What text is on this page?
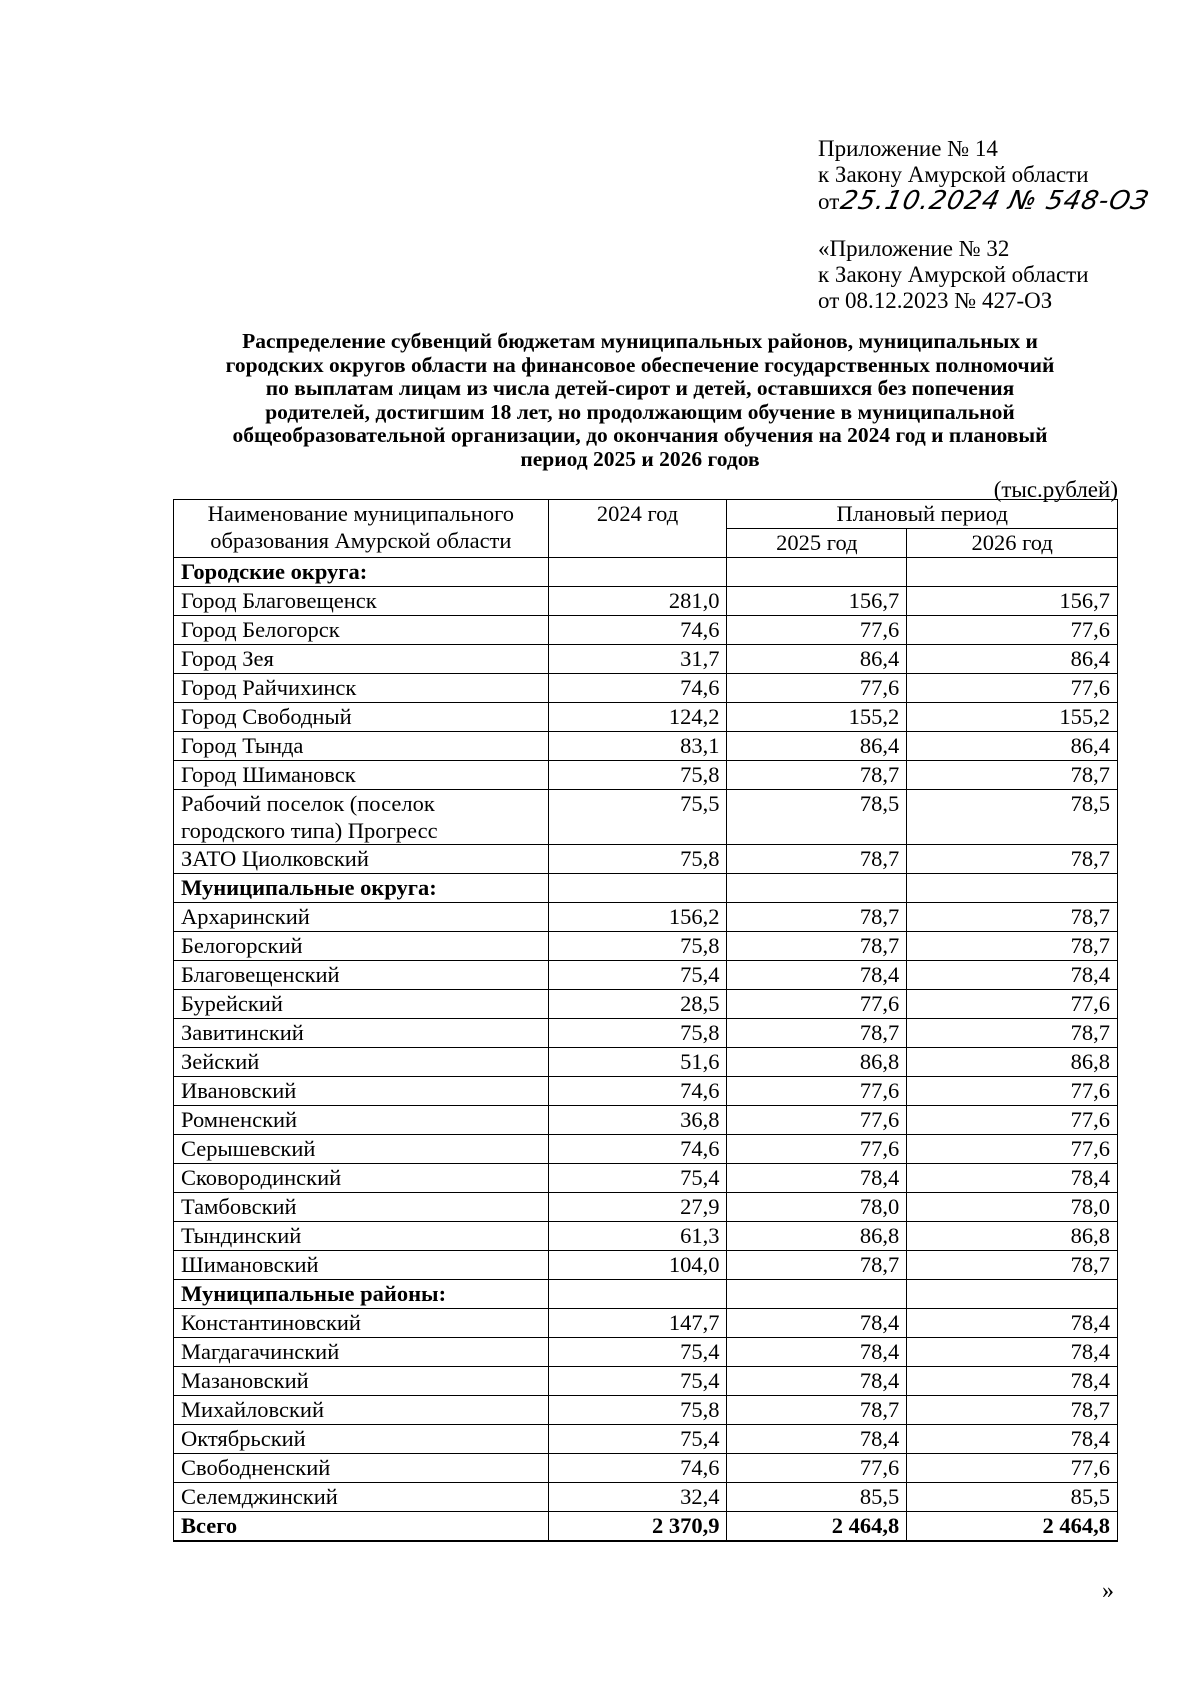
Приложение № 14
к Закону Амурской области
от25.10.2024 № 548-ОЗ
«Приложение № 32
к Закону Амурской области
от 08.12.2023 № 427-ОЗ
Распределение субвенций бюджетам муниципальных районов, муниципальных и
городских округов области на финансовое обеспечение государственных полномочий
по выплатам лицам из числа детей-сирот и детей, оставшихся без попечения
родителей, достигшим 18 лет, но продолжающим обучение в муниципальной
общеобразовательной организации, до окончания обучения на 2024 год и плановый
период 2025 и 2026 годов
(тыс.рублей)
Наименование муниципального образования Амурской области	2024 год	Плановый период	
		2025 год	2026 год
Городские округа:			
Город Благовещенск	281,0	156,7	156,7
Город Белогорск	74,6	77,6	77,6
Город Зея	31,7	86,4	86,4
Город Райчихинск	74,6	77,6	77,6
Город Свободный	124,2	155,2	155,2
Город Тында	83,1	86,4	86,4
Город Шимановск	75,8	78,7	78,7
Рабочий поселок (поселок городского типа) Прогресс	75,5	78,5	78,5
ЗАТО Циолковский	75,8	78,7	78,7
Муниципальные округа:			
Архаринский	156,2	78,7	78,7
Белогорский	75,8	78,7	78,7
Благовещенский	75,4	78,4	78,4
Бурейский	28,5	77,6	77,6
Завитинский	75,8	78,7	78,7
Зейский	51,6	86,8	86,8
Ивановский	74,6	77,6	77,6
Ромненский	36,8	77,6	77,6
Серышевский	74,6	77,6	77,6
Сковородинский	75,4	78,4	78,4
Тамбовский	27,9	78,0	78,0
Тындинский	61,3	86,8	86,8
Шимановский	104,0	78,7	78,7
Муниципальные районы:			
Константиновский	147,7	78,4	78,4
Магдагачинский	75,4	78,4	78,4
Мазановский	75,4	78,4	78,4
Михайловский	75,8	78,7	78,7
Октябрьский	75,4	78,4	78,4
Свободненский	74,6	77,6	77,6
Селемджинский	32,4	85,5	85,5
Всего	2 370,9	2 464,8	2 464,8
»
